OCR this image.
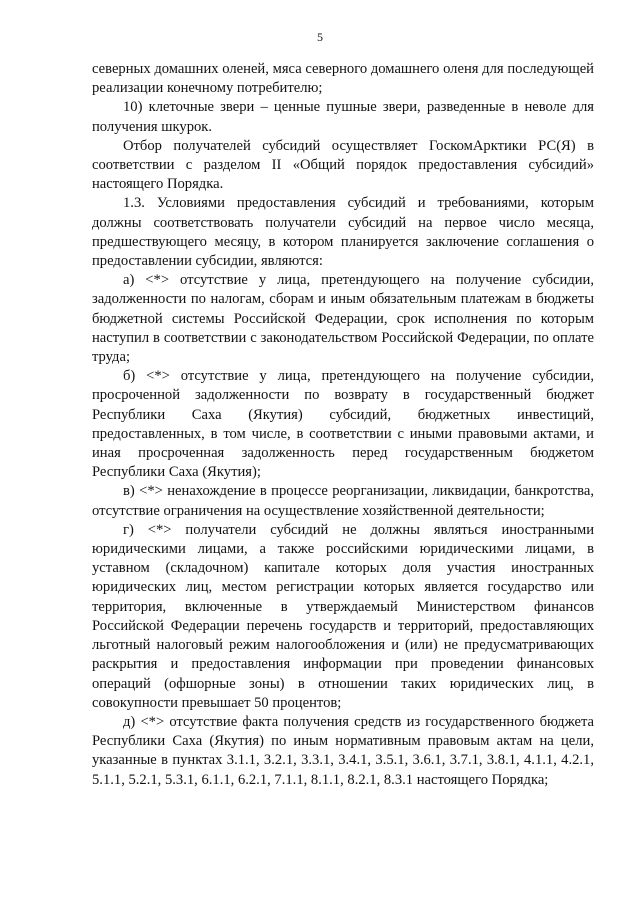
5

северных домашних оленей, мяса северного домашнего оленя для последующей реализации конечному потребителю;

10) клеточные звери – ценные пушные звери, разведенные в неволе для получения шкурок.

Отбор получателей субсидий осуществляет ГоскомАрктики РС(Я) в соответствии с разделом II «Общий порядок предоставления субсидий» настоящего Порядка.

1.3. Условиями предоставления субсидий и требованиями, которым должны соответствовать получатели субсидий на первое число месяца, предшествующего месяцу, в котором планируется заключение соглашения о предоставлении субсидии, являются:

а) <*> отсутствие у лица, претендующего на получение субсидии, задолженности по налогам, сборам и иным обязательным платежам в бюджеты бюджетной системы Российской Федерации, срок исполнения по которым наступил в соответствии с законодательством Российской Федерации, по оплате труда;

б) <*> отсутствие у лица, претендующего на получение субсидии, просроченной задолженности по возврату в государственный бюджет Республики Саха (Якутия) субсидий, бюджетных инвестиций, предоставленных, в том числе, в соответствии с иными правовыми актами, и иная просроченная задолженность перед государственным бюджетом Республики Саха (Якутия);

в) <*> ненахождение в процессе реорганизации, ликвидации, банкротства, отсутствие ограничения на осуществление хозяйственной деятельности;

г) <*> получатели субсидий не должны являться иностранными юридическими лицами, а также российскими юридическими лицами, в уставном (складочном) капитале которых доля участия иностранных юридических лиц, местом регистрации которых является государство или территория, включенные в утверждаемый Министерством финансов Российской Федерации перечень государств и территорий, предоставляющих льготный налоговый режим налогообложения и (или) не предусматривающих раскрытия и предоставления информации при проведении финансовых операций (офшорные зоны) в отношении таких юридических лиц, в совокупности превышает 50 процентов;

д) <*> отсутствие факта получения средств из государственного бюджета Республики Саха (Якутия) по иным нормативным правовым актам на цели, указанные в пунктах 3.1.1, 3.2.1, 3.3.1, 3.4.1, 3.5.1, 3.6.1, 3.7.1, 3.8.1, 4.1.1, 4.2.1, 5.1.1, 5.2.1, 5.3.1, 6.1.1, 6.2.1, 7.1.1, 8.1.1, 8.2.1, 8.3.1 настоящего Порядка;
